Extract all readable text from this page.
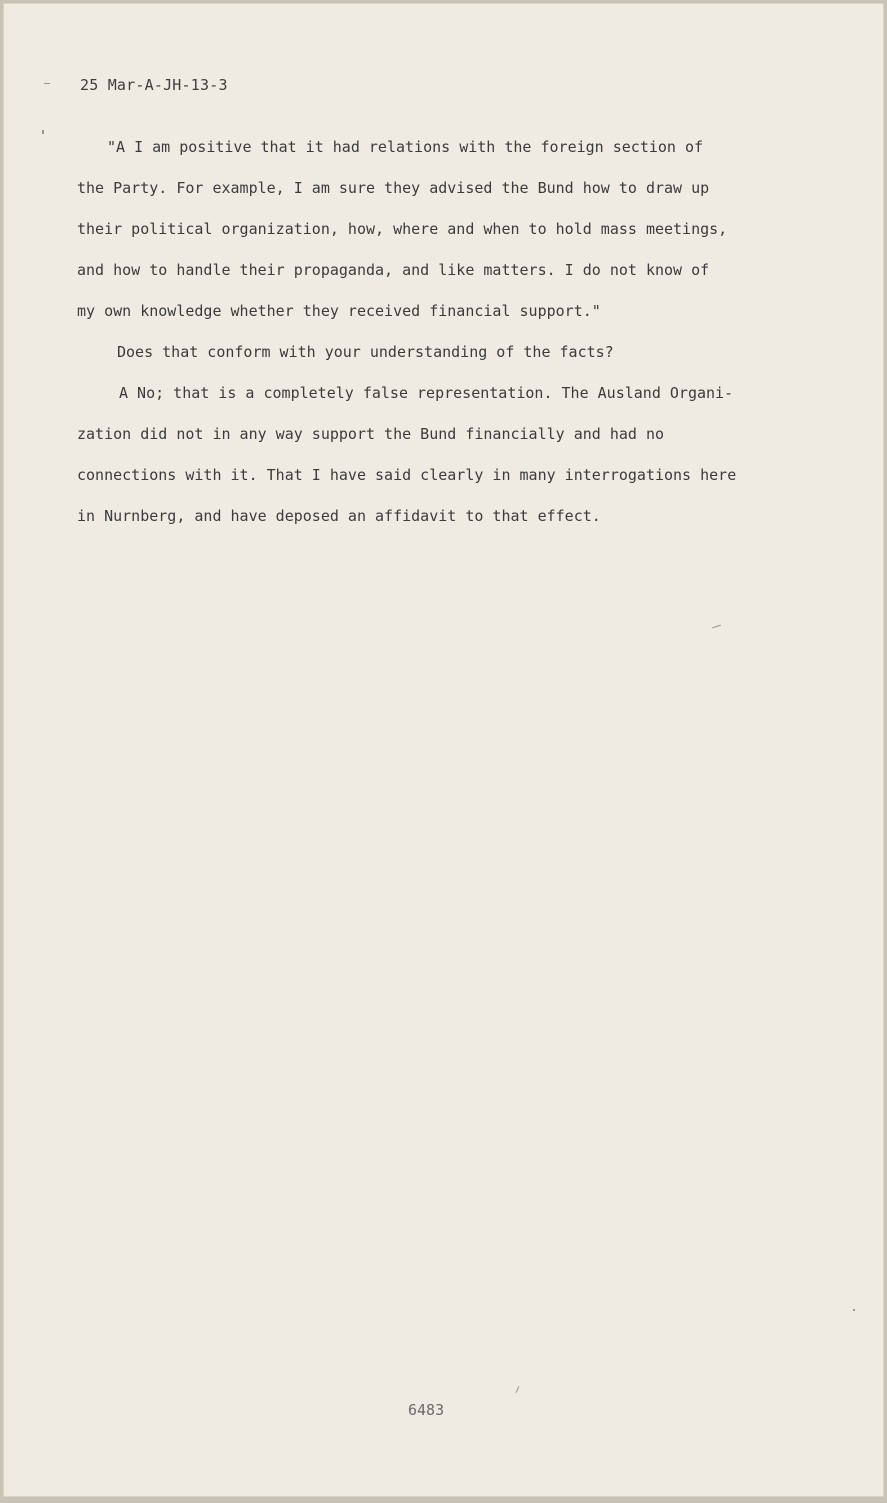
25 Mar-A-JH-13-3
"A I am positive that it had relations with the foreign section of
the Party. For example, I am sure they advised the Bund how to draw up
their political organization, how, where and when to hold mass meetings,
and how to handle their propaganda, and like matters. I do not know of
my own knowledge whether they received financial support."
Does that conform with your understanding of the facts?
A No; that is a completely false representation. The Ausland Organi-
zation did not in any way support the Bund financially and had no
connections with it. That I have said clearly in many interrogations here
in Nurnberg, and have deposed an affidavit to that effect.
6483
